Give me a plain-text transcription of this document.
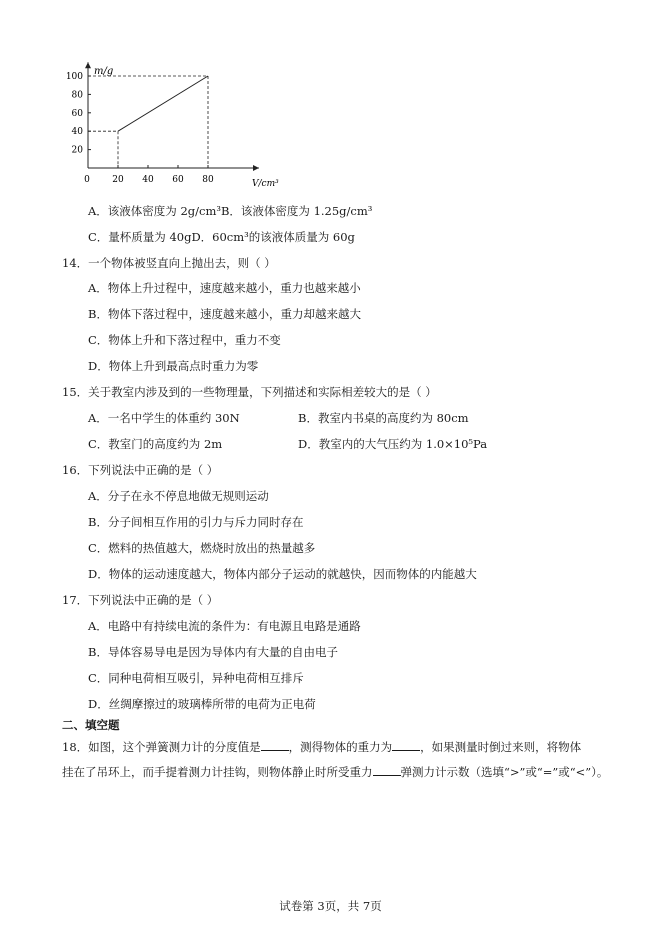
m/g
V/cm³
0 20 40 60 80
20
40
60
80
100
A．该液体密度为 2g/cm³B．该液体密度为 1.25g/cm³
C．量杯质量为 40gD．60cm³的该液体质量为 60g
14．一个物体被竖直向上抛出去，则（ ）
A．物体上升过程中，速度越来越小，重力也越来越小
B．物体下落过程中，速度越来越小，重力却越来越大
C．物体上升和下落过程中，重力不变
D．物体上升到最高点时重力为零
15．关于教室内涉及到的一些物理量，下列描述和实际相差较大的是（ ）
A．一名中学生的体重约 30N	B．教室内书桌的高度约为 80cm
C．教室门的高度约为 2m	D．教室内的大气压约为 1.0×10⁵Pa
16．下列说法中正确的是（ ）
A．分子在永不停息地做无规则运动
B．分子间相互作用的引力与斥力同时存在
C．燃料的热值越大，燃烧时放出的热量越多
D．物体的运动速度越大，物体内部分子运动的就越快，因而物体的内能越大
17．下列说法中正确的是（ ）
A．电路中有持续电流的条件为：有电源且电路是通路
B．导体容易导电是因为导体内有大量的自由电子
C．同种电荷相互吸引，异种电荷相互排斥
D．丝绸摩擦过的玻璃棒所带的电荷为正电荷
二、填空题
18．如图，这个弹簧测力计的分度值是 ，测得物体的重力为 ，如果测量时倒过来则，将物体
挂在了吊环上，而手提着测力计挂钩，则物体静止时所受重力 弹测力计示数（选填“>”或“=”或“<”）。
试卷第 3页，共 7页
